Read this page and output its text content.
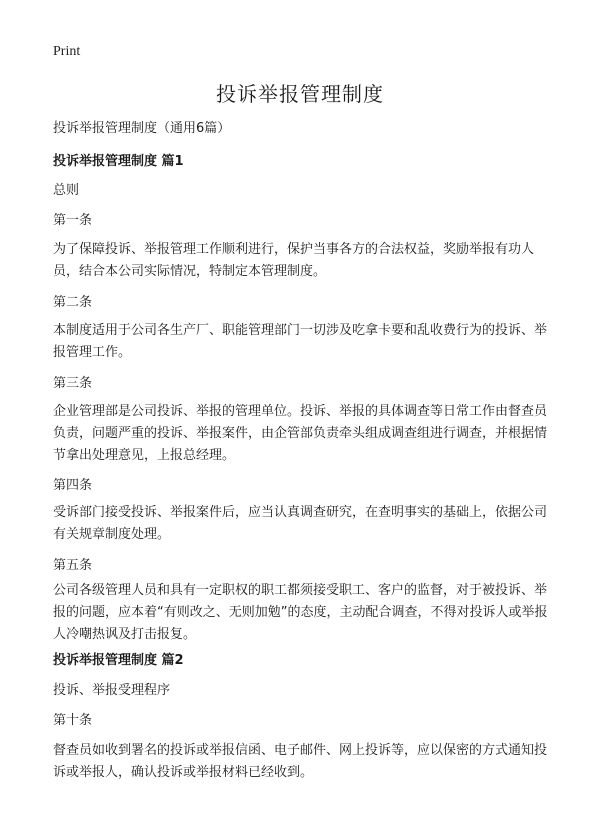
Print
投诉举报管理制度

投诉举报管理制度（通用6篇）

投诉举报管理制度 篇1

总则

第一条

为了保障投诉、举报管理工作顺利进行，保护当事各方的合法权益，奖励举报有功人员，结合本公司实际情况，特制定本管理制度。

第二条

本制度适用于公司各生产厂、职能管理部门一切涉及吃拿卡要和乱收费行为的投诉、举报管理工作。

第三条

企业管理部是公司投诉、举报的管理单位。投诉、举报的具体调查等日常工作由督查员负责，问题严重的投诉、举报案件，由企管部负责牵头组成调查组进行调查，并根据情节拿出处理意见，上报总经理。

第四条

受诉部门接受投诉、举报案件后，应当认真调查研究，在查明事实的基础上，依据公司有关规章制度处理。

第五条

公司各级管理人员和具有一定职权的职工都须接受职工、客户的监督，对于被投诉、举报的问题，应本着“有则改之、无则加勉”的态度，主动配合调查，不得对投诉人或举报人冷嘲热讽及打击报复。

投诉举报管理制度 篇2

投诉、举报受理程序

第十条

督查员如收到署名的投诉或举报信函、电子邮件、网上投诉等，应以保密的方式通知投诉或举报人，确认投诉或举报材料已经收到。
